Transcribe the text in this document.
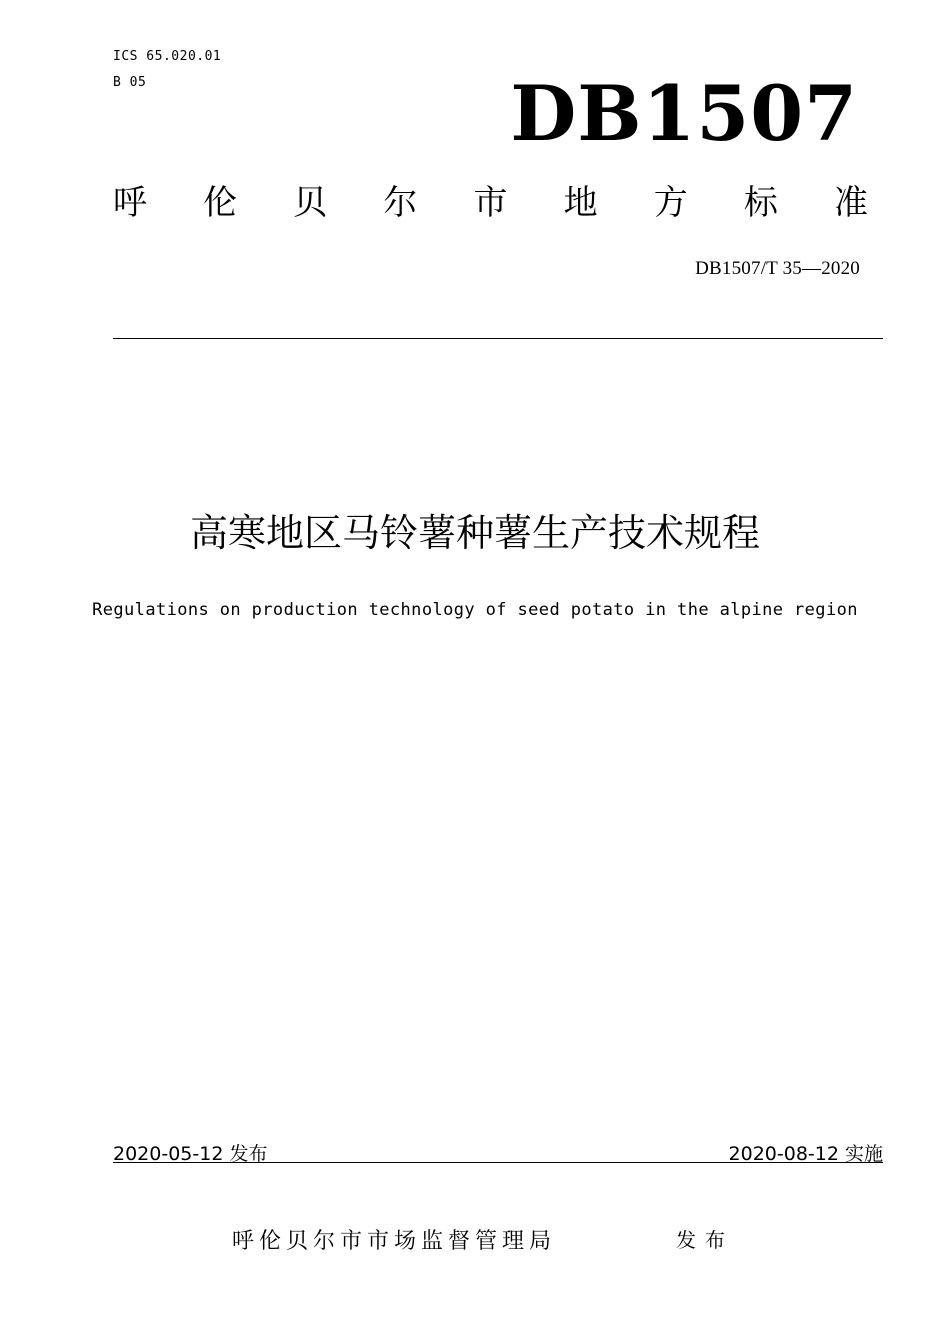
ICS 65.020.01
B 05	DB1507
呼 伦 贝 尔 市 地 方 标 准
DB1507/T 35—2020
高寒地区马铃薯种薯生产技术规程
Regulations on production technology of seed potato in the alpine region
2020-05-12 发布	2020-08-12 实施
呼伦贝尔市市场监督管理局	发布
